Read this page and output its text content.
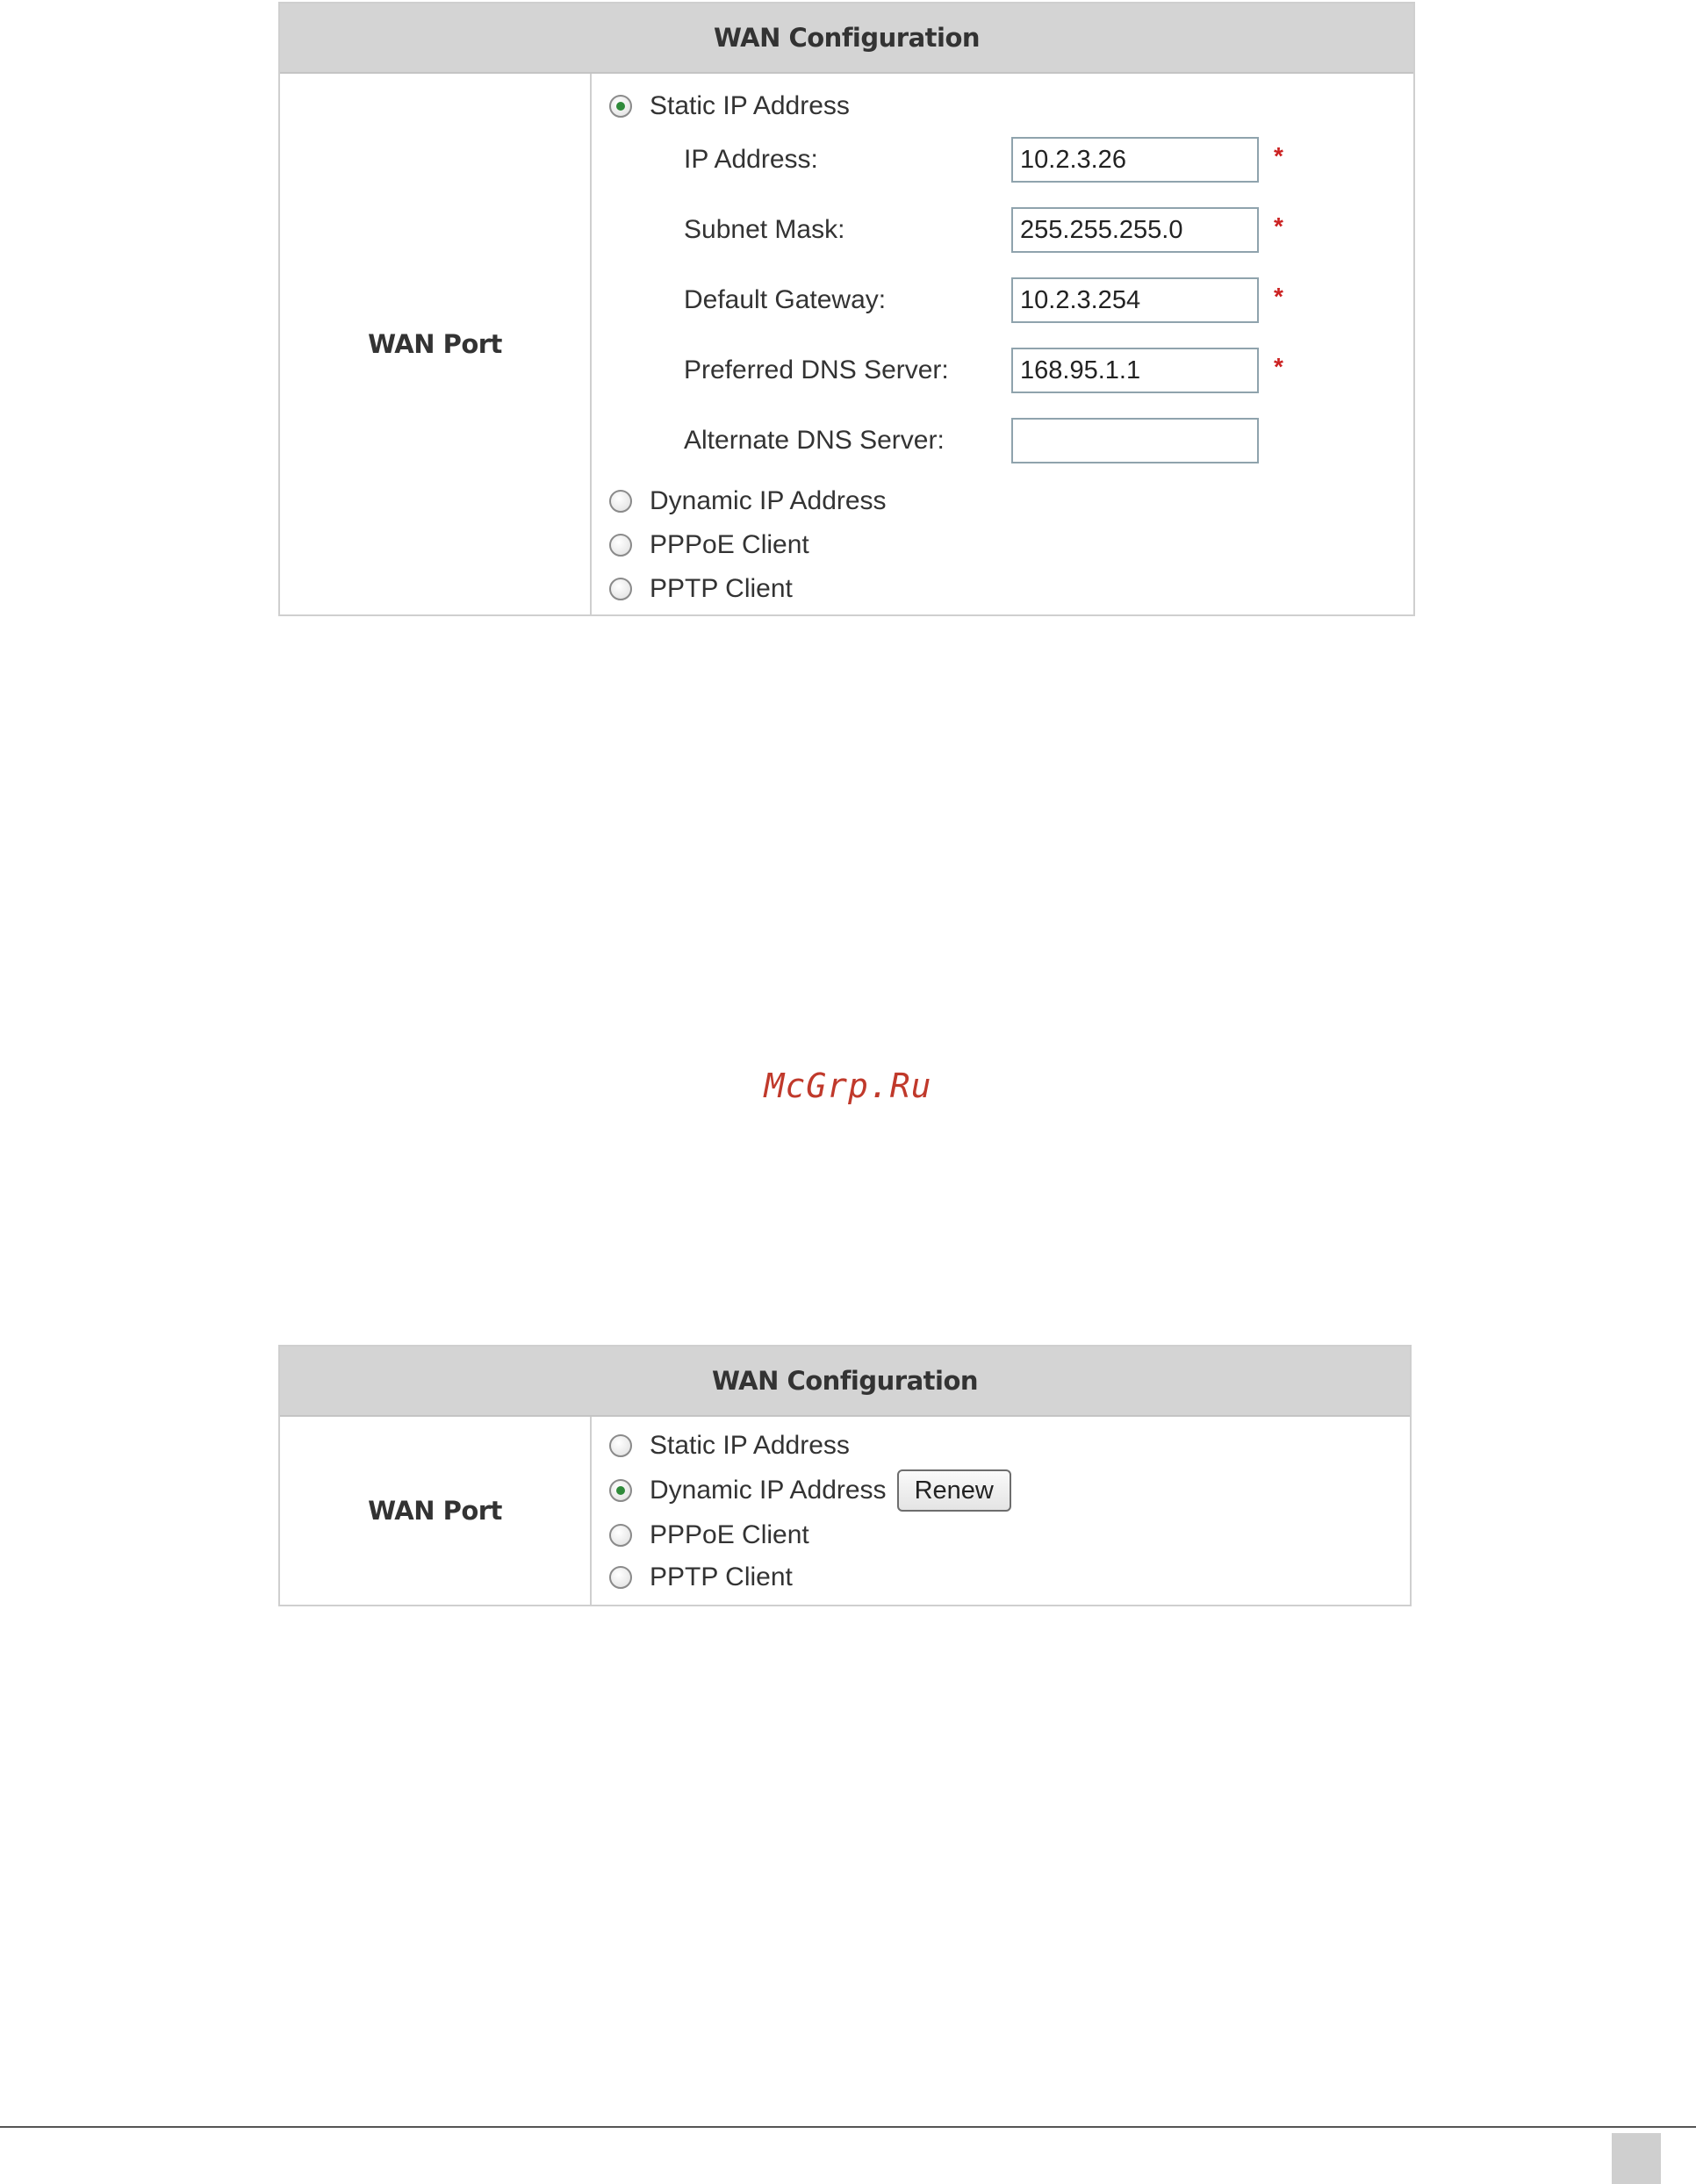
WAN Configuration
WAN Port
Static IP Address
IP Address:	10.2.3.26	*
Subnet Mask:	255.255.255.0	*
Default Gateway:	10.2.3.254	*
Preferred DNS Server:	168.95.1.1	*
Alternate DNS Server:
Dynamic IP Address
PPPoE Client
PPTP Client
McGrp.Ru
WAN Configuration
WAN Port
Static IP Address
Dynamic IP Address	Renew
PPPoE Client
PPTP Client
